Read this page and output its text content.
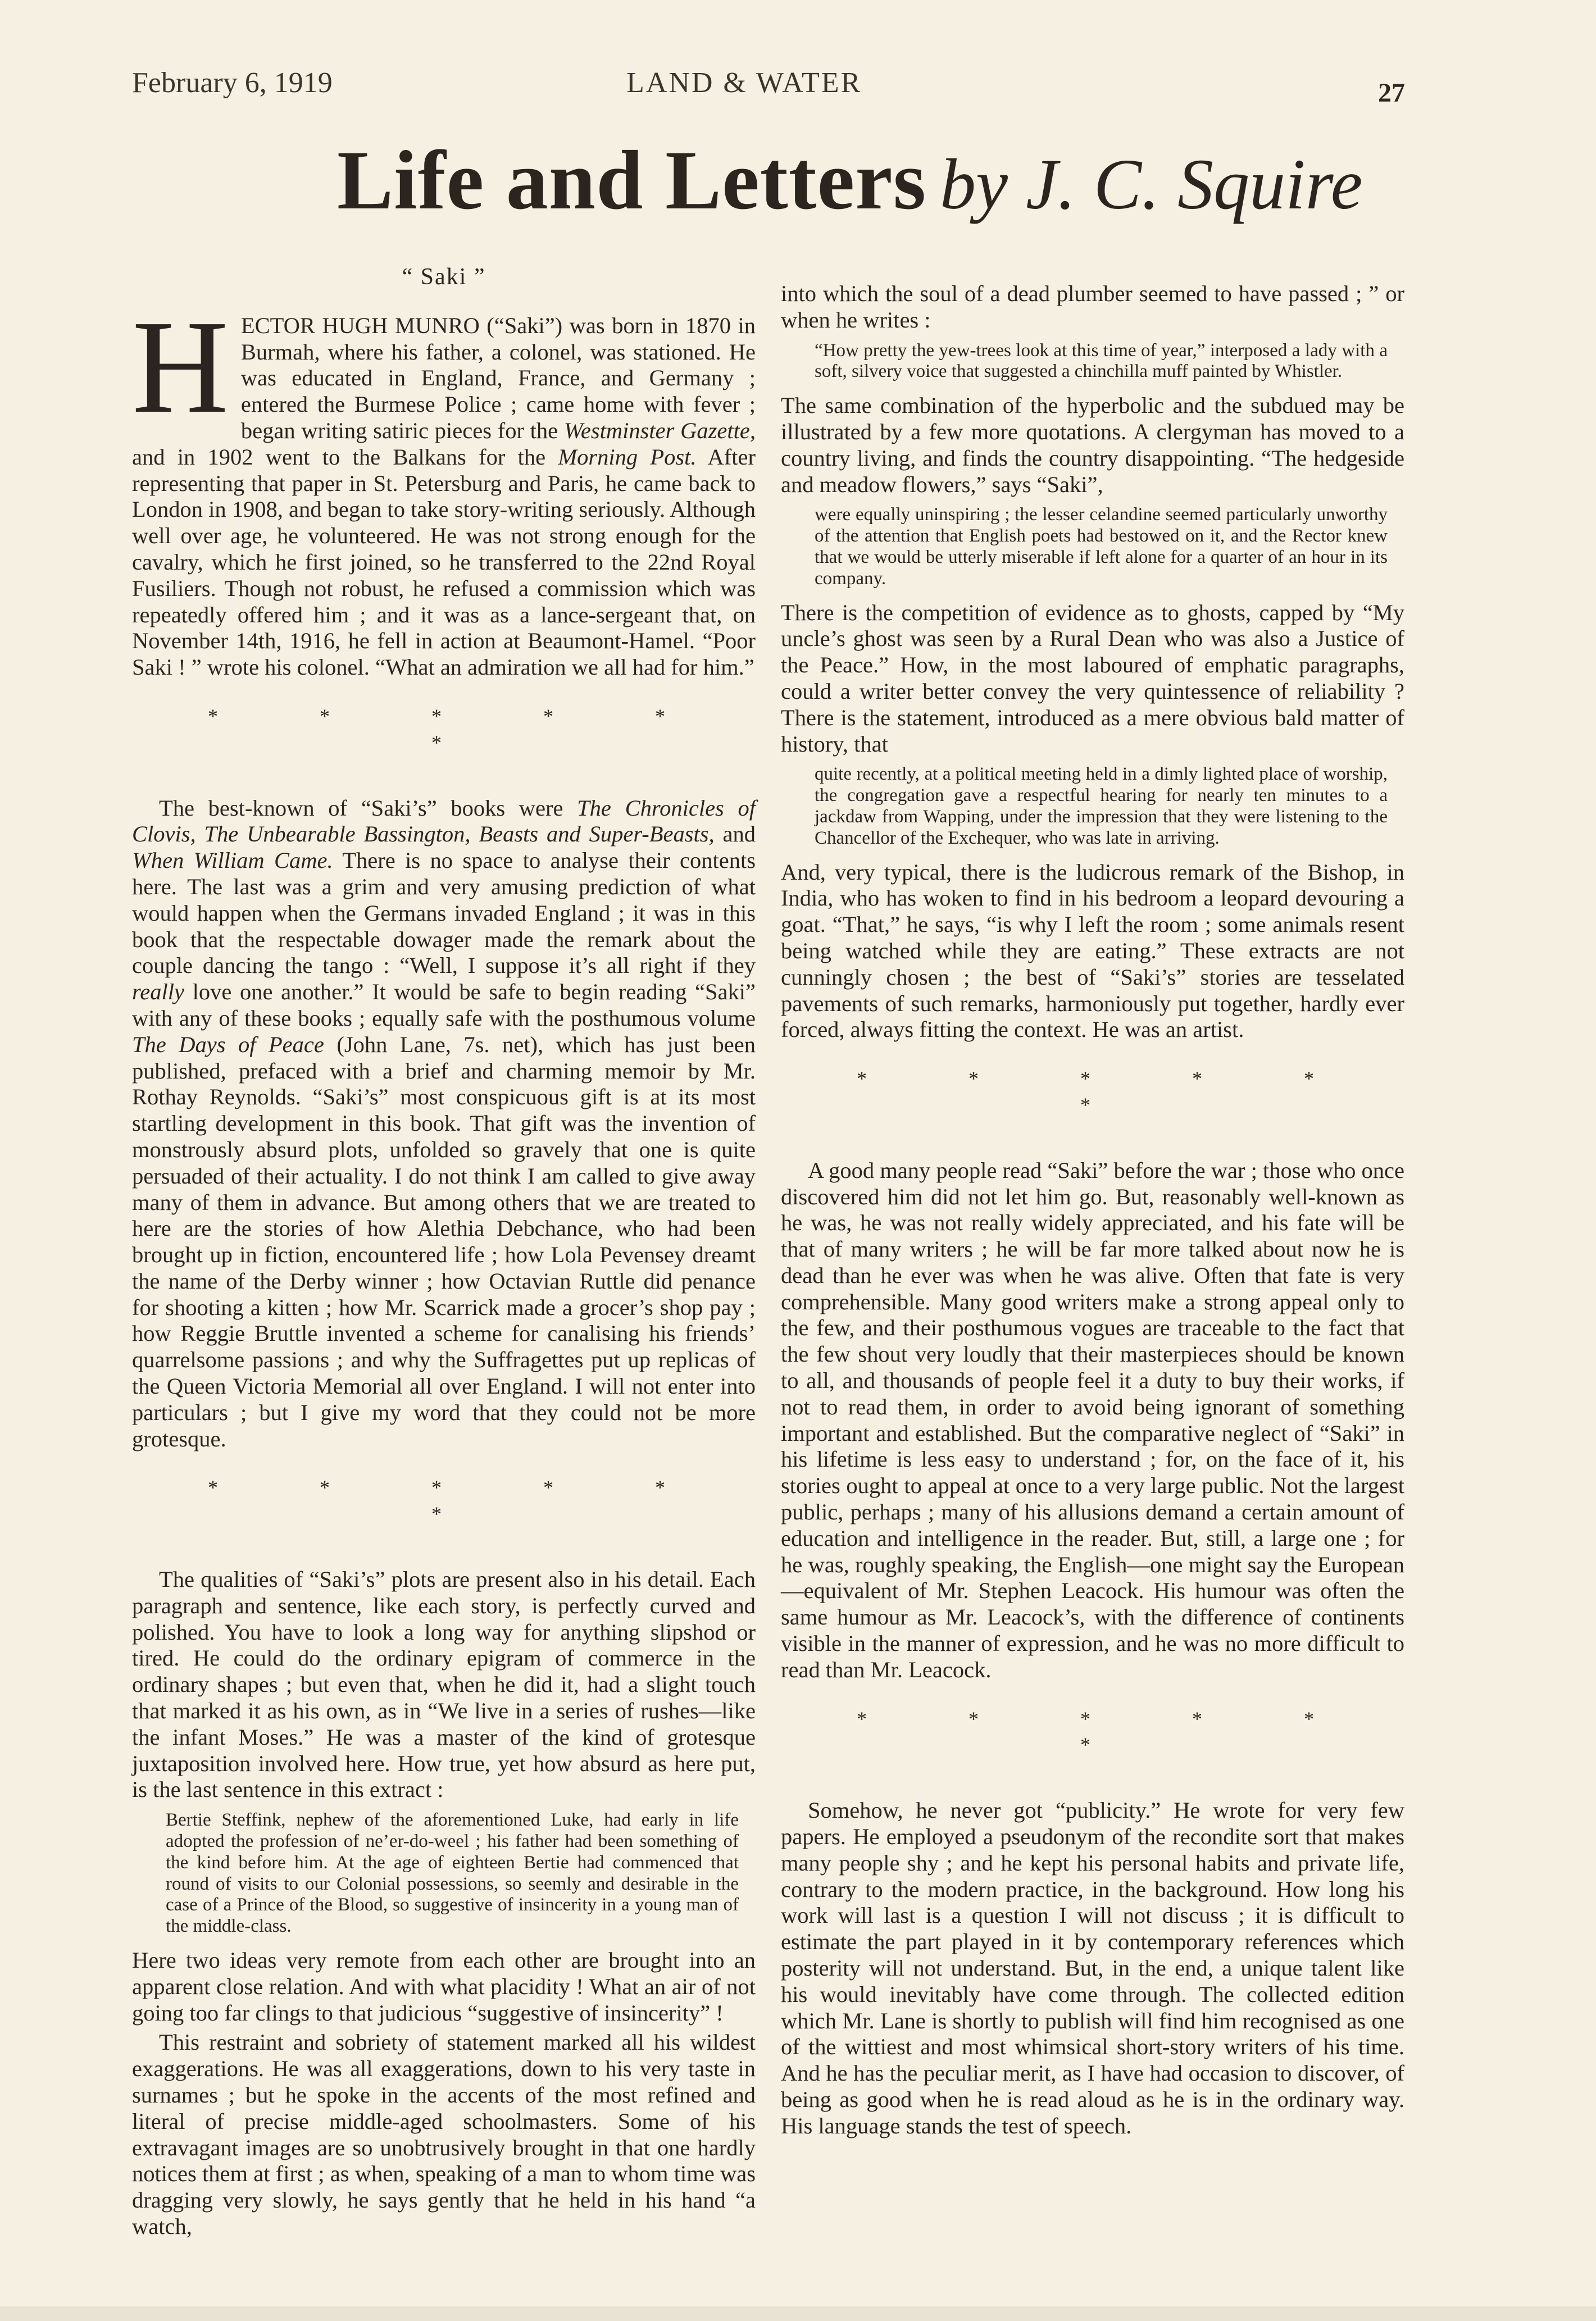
February 6, 1919	LAND & WATER	27
Life and Letters by J. C. Squire
“ Saki ”

HECTOR HUGH MUNRO (“Saki”) was born in 1870 in Burmah, where his father, a colonel, was stationed. He was educated in England, France, and Germany ; entered the Burmese Police ; came home with fever ; began writing satiric pieces for the Westminster Gazette, and in 1902 went to the Balkans for the Morning Post. After representing that paper in St. Petersburg and Paris, he came back to London in 1908, and began to take story-writing seriously. Although well over age, he volunteered. He was not strong enough for the cavalry, which he first joined, so he transferred to the 22nd Royal Fusiliers. Though not robust, he refused a commission which was repeatedly offered him ; and it was as a lance-sergeant that, on November 14th, 1916, he fell in action at Beaumont-Hamel. “Poor Saki ! ” wrote his colonel. “What an admiration we all had for him.”

* * * * * *

The best-known of “Saki’s” books were The Chronicles of Clovis, The Unbearable Bassington, Beasts and Super-Beasts, and When William Came. There is no space to analyse their contents here. The last was a grim and very amusing prediction of what would happen when the Germans invaded England ; it was in this book that the respectable dowager made the remark about the couple dancing the tango : “Well, I suppose it’s all right if they really love one another.” It would be safe to begin reading “Saki” with any of these books ; equally safe with the posthumous volume The Days of Peace (John Lane, 7s. net), which has just been published, prefaced with a brief and charming memoir by Mr. Rothay Reynolds. “Saki’s” most conspicuous gift is at its most startling development in this book. That gift was the invention of monstrously absurd plots, unfolded so gravely that one is quite persuaded of their actuality. I do not think I am called to give away many of them in advance. But among others that we are treated to here are the stories of how Alethia Debchance, who had been brought up in fiction, encountered life ; how Lola Pevensey dreamt the name of the Derby winner ; how Octavian Ruttle did penance for shooting a kitten ; how Mr. Scarrick made a grocer’s shop pay ; how Reggie Bruttle invented a scheme for canalising his friends’ quarrelsome passions ; and why the Suffragettes put up replicas of the Queen Victoria Memorial all over England. I will not enter into particulars ; but I give my word that they could not be more grotesque.

* * * * * *

The qualities of “Saki’s” plots are present also in his detail. Each paragraph and sentence, like each story, is perfectly curved and polished. You have to look a long way for anything slipshod or tired. He could do the ordinary epigram of commerce in the ordinary shapes ; but even that, when he did it, had a slight touch that marked it as his own, as in “We live in a series of rushes—like the infant Moses.” He was a master of the kind of grotesque juxtaposition involved here. How true, yet how absurd as here put, is the last sentence in this extract :

Bertie Steffink, nephew of the aforementioned Luke, had early in life adopted the profession of ne’er-do-weel ; his father had been something of the kind before him. At the age of eighteen Bertie had commenced that round of visits to our Colonial possessions, so seemly and desirable in the case of a Prince of the Blood, so suggestive of insincerity in a young man of the middle-class.

Here two ideas very remote from each other are brought into an apparent close relation. And with what placidity ! What an air of not going too far clings to that judicious “suggestive of insincerity” !

This restraint and sobriety of statement marked all his wildest exaggerations. He was all exaggerations, down to his very taste in surnames ; but he spoke in the accents of the most refined and literal of precise middle-aged schoolmasters. Some of his extravagant images are so unobtrusively brought in that one hardly notices them at first ; as when, speaking of a man to whom time was dragging very slowly, he says gently that he held in his hand “a watch,

into which the soul of a dead plumber seemed to have passed ; ” or when he writes :

“How pretty the yew-trees look at this time of year,” interposed a lady with a soft, silvery voice that suggested a chinchilla muff painted by Whistler.

The same combination of the hyperbolic and the subdued may be illustrated by a few more quotations. A clergyman has moved to a country living, and finds the country disappointing. “The hedgeside and meadow flowers,” says “Saki”,

were equally uninspiring ; the lesser celandine seemed particularly unworthy of the attention that English poets had bestowed on it, and the Rector knew that we would be utterly miserable if left alone for a quarter of an hour in its company.

There is the competition of evidence as to ghosts, capped by “My uncle’s ghost was seen by a Rural Dean who was also a Justice of the Peace.” How, in the most laboured of emphatic paragraphs, could a writer better convey the very quintessence of reliability ? There is the statement, introduced as a mere obvious bald matter of history, that

quite recently, at a political meeting held in a dimly lighted place of worship, the congregation gave a respectful hearing for nearly ten minutes to a jackdaw from Wapping, under the impression that they were listening to the Chancellor of the Exchequer, who was late in arriving.

And, very typical, there is the ludicrous remark of the Bishop, in India, who has woken to find in his bedroom a leopard devouring a goat. “That,” he says, “is why I left the room ; some animals resent being watched while they are eating.” These extracts are not cunningly chosen ; the best of “Saki’s” stories are tesselated pavements of such remarks, harmoniously put together, hardly ever forced, always fitting the context. He was an artist.

* * * * * *

A good many people read “Saki” before the war ; those who once discovered him did not let him go. But, reasonably well-known as he was, he was not really widely appreciated, and his fate will be that of many writers ; he will be far more talked about now he is dead than he ever was when he was alive. Often that fate is very comprehensible. Many good writers make a strong appeal only to the few, and their posthumous vogues are traceable to the fact that the few shout very loudly that their masterpieces should be known to all, and thousands of people feel it a duty to buy their works, if not to read them, in order to avoid being ignorant of something important and established. But the comparative neglect of “Saki” in his lifetime is less easy to understand ; for, on the face of it, his stories ought to appeal at once to a very large public. Not the largest public, perhaps ; many of his allusions demand a certain amount of education and intelligence in the reader. But, still, a large one ; for he was, roughly speaking, the English—one might say the European—equivalent of Mr. Stephen Leacock. His humour was often the same humour as Mr. Leacock’s, with the difference of continents visible in the manner of expression, and he was no more difficult to read than Mr. Leacock.

* * * * * *

Somehow, he never got “publicity.” He wrote for very few papers. He employed a pseudonym of the recondite sort that makes many people shy ; and he kept his personal habits and private life, contrary to the modern practice, in the background. How long his work will last is a question I will not discuss ; it is difficult to estimate the part played in it by contemporary references which posterity will not understand. But, in the end, a unique talent like his would inevitably have come through. The collected edition which Mr. Lane is shortly to publish will find him recognised as one of the wittiest and most whimsical short-story writers of his time. And he has the peculiar merit, as I have had occasion to discover, of being as good when he is read aloud as he is in the ordinary way. His language stands the test of speech.
